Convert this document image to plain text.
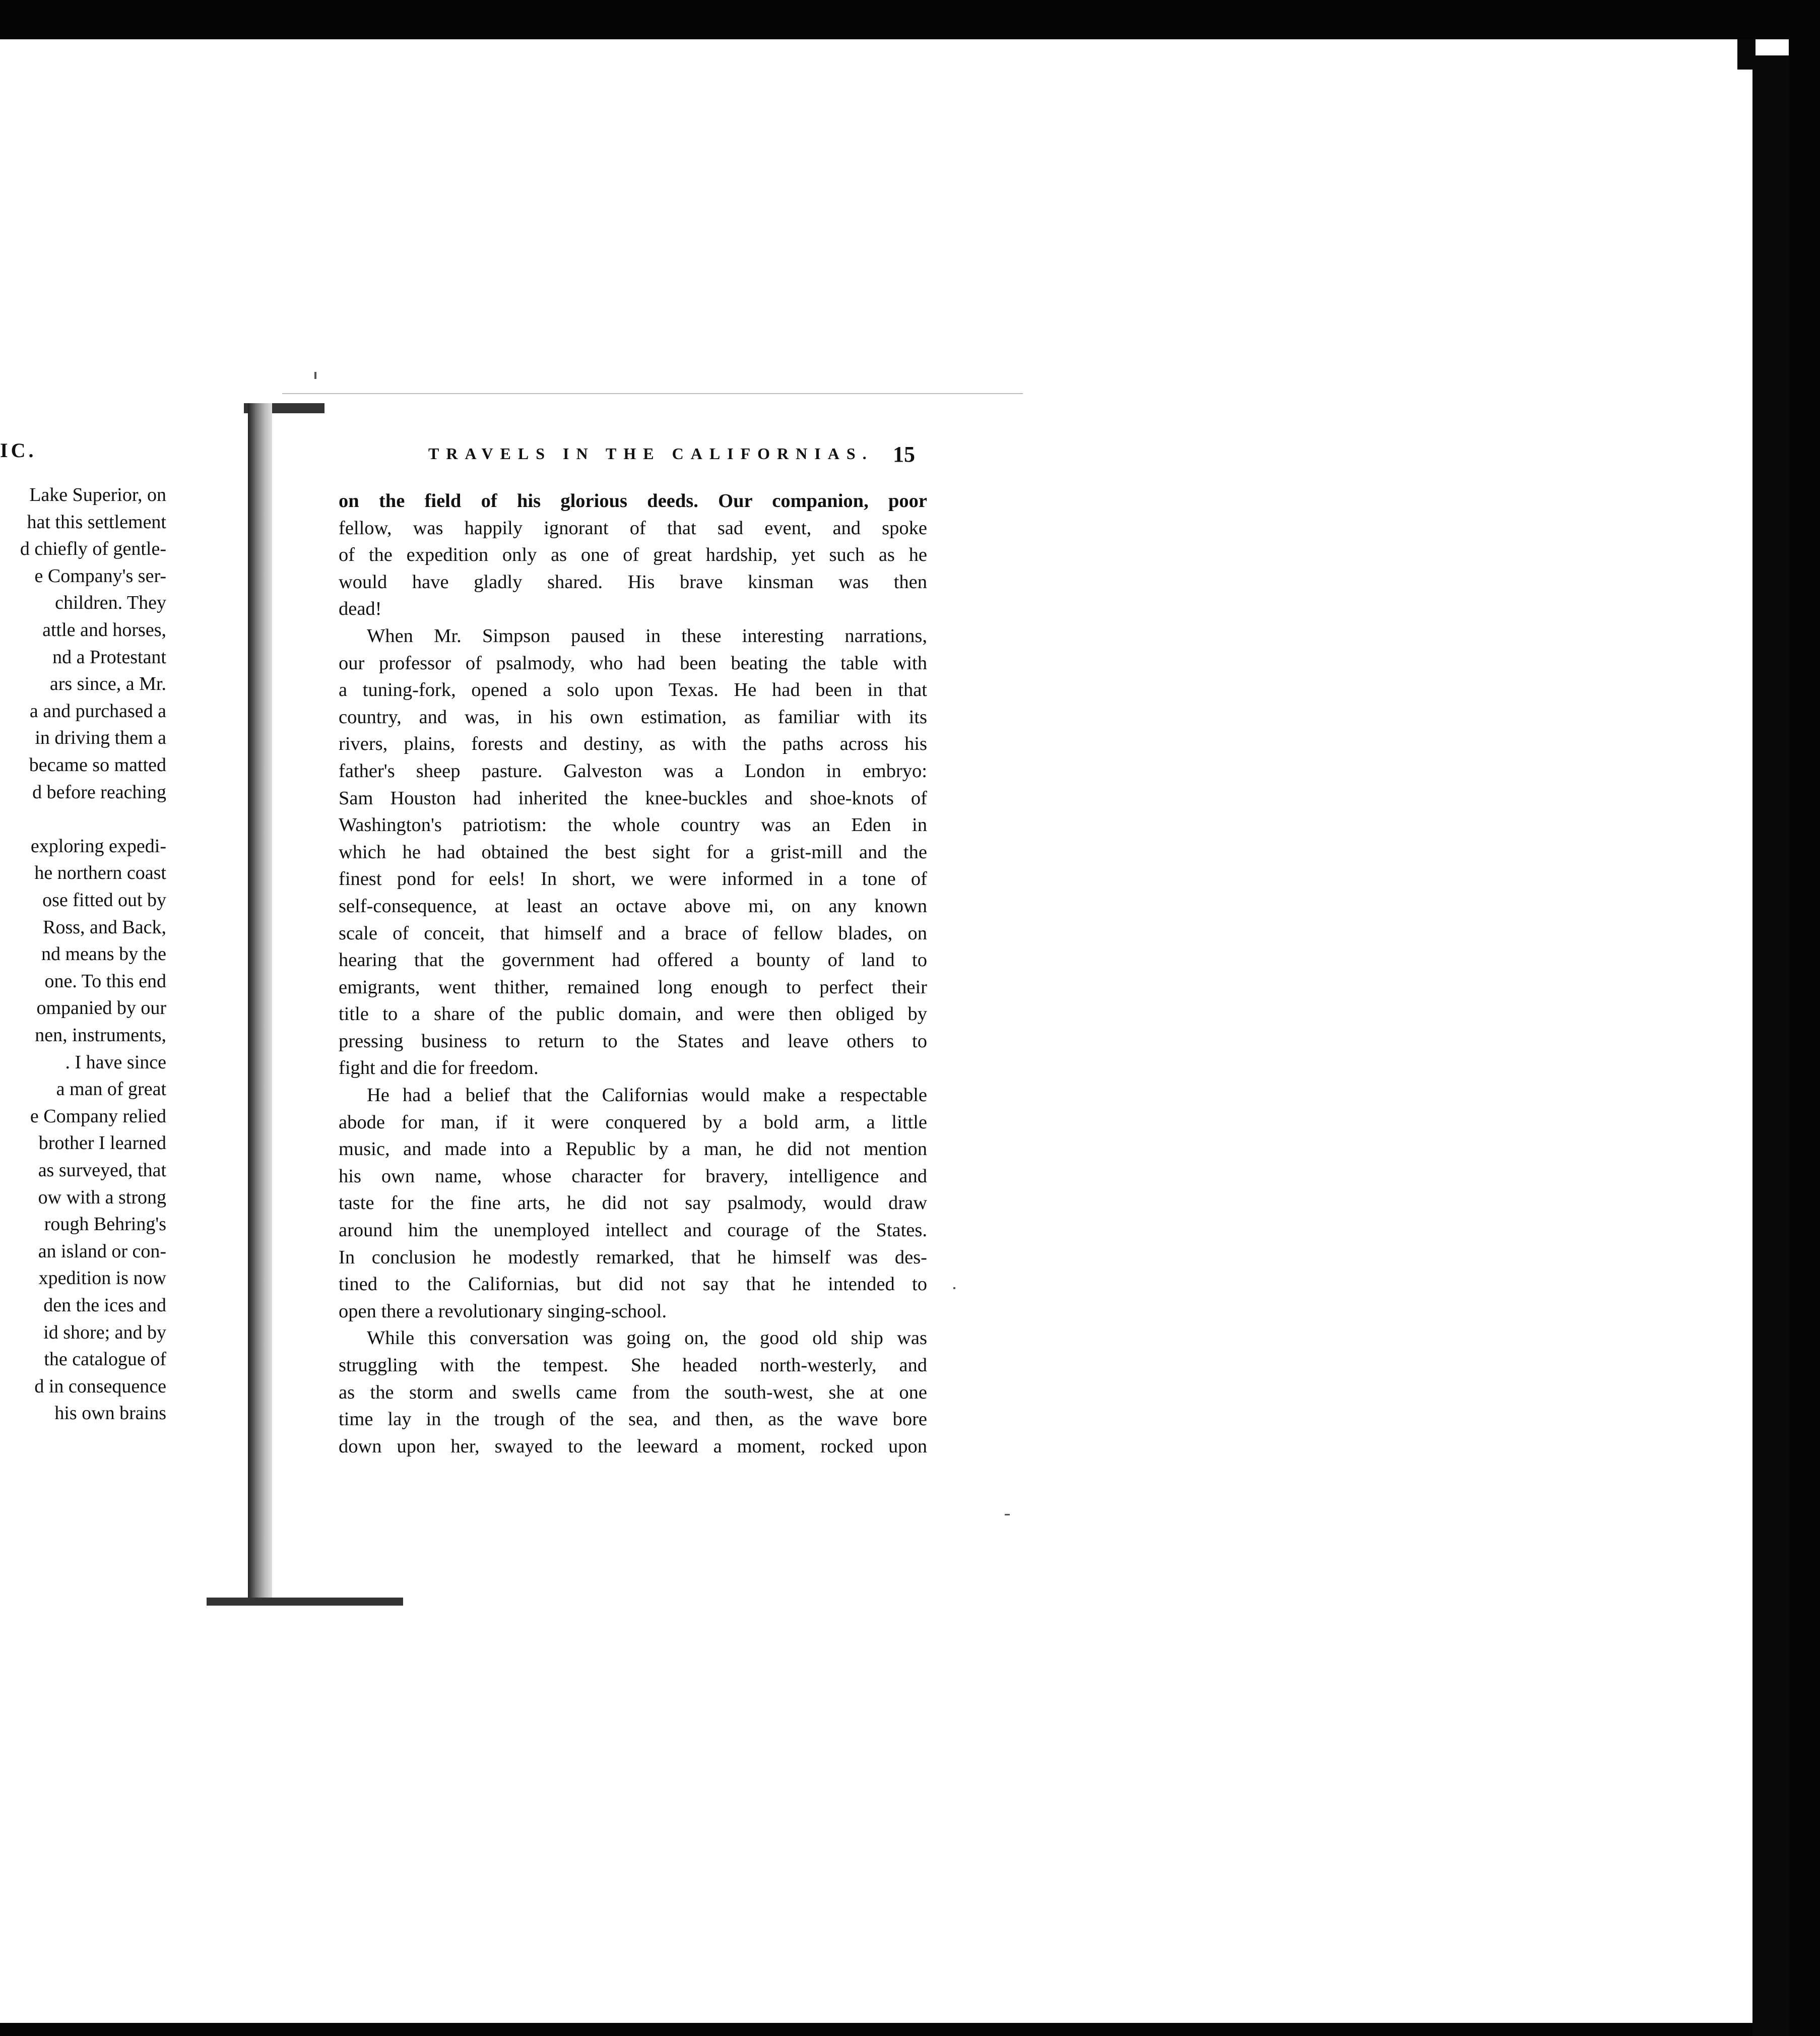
IC.
Lake Superior, on
hat this settlement
d chiefly of gentle-
e Company's ser-
children. They
attle and horses,
nd a Protestant
ars since, a Mr.
a and purchased a
in driving them a
became so matted
d before reaching
exploring expedi-
he northern coast
ose fitted out by
Ross, and Back,
nd means by the
one. To this end
ompanied by our
nen, instruments,
. I have since
a man of great
e Company relied
brother I learned
as surveyed, that
ow with a strong
rough Behring's
an island or con-
xpedition is now
den the ices and
id shore; and by
the catalogue of
d in consequence
his own brains
TRAVELS IN THE CALIFORNIAS. 15
on the field of his glorious deeds. Our companion, poor
fellow, was happily ignorant of that sad event, and spoke
of the expedition only as one of great hardship, yet such as he
would have gladly shared. His brave kinsman was then
dead!
When Mr. Simpson paused in these interesting narrations,
our professor of psalmody, who had been beating the table with
a tuning-fork, opened a solo upon Texas. He had been in that
country, and was, in his own estimation, as familiar with its
rivers, plains, forests and destiny, as with the paths across his
father's sheep pasture. Galveston was a London in embryo:
Sam Houston had inherited the knee-buckles and shoe-knots of
Washington's patriotism: the whole country was an Eden in
which he had obtained the best sight for a grist-mill and the
finest pond for eels! In short, we were informed in a tone of
self-consequence, at least an octave above mi, on any known
scale of conceit, that himself and a brace of fellow blades, on
hearing that the government had offered a bounty of land to
emigrants, went thither, remained long enough to perfect their
title to a share of the public domain, and were then obliged by
pressing business to return to the States and leave others to
fight and die for freedom.
He had a belief that the Californias would make a respectable
abode for man, if it were conquered by a bold arm, a little
music, and made into a Republic by a man, he did not mention
his own name, whose character for bravery, intelligence and
taste for the fine arts, he did not say psalmody, would draw
around him the unemployed intellect and courage of the States.
In conclusion he modestly remarked, that he himself was des-
tined to the Californias, but did not say that he intended to
open there a revolutionary singing-school.
While this conversation was going on, the good old ship was
struggling with the tempest. She headed north-westerly, and
as the storm and swells came from the south-west, she at one
time lay in the trough of the sea, and then, as the wave bore
down upon her, swayed to the leeward a moment, rocked upon
